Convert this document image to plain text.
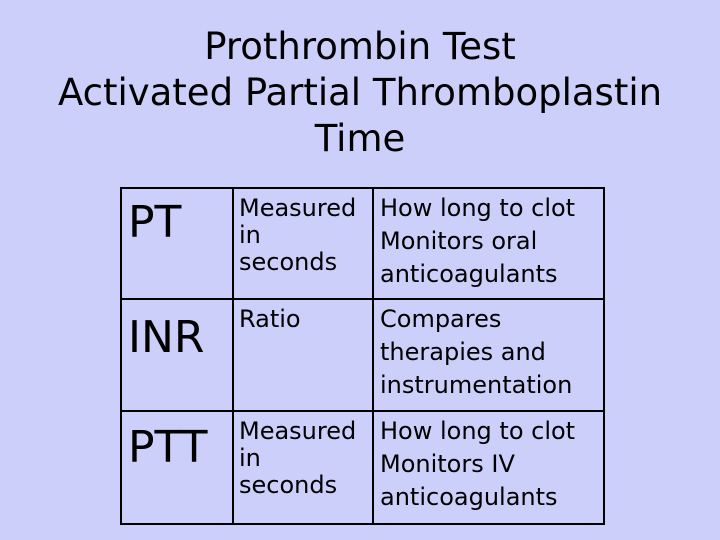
Prothrombin Test
Activated Partial Thromboplastin
Time
PT	Measured
in
seconds	How long to clot
Monitors oral
anticoagulants

INR	Ratio	Compares
therapies and
instrumentation

PTT	Measured
in
seconds	How long to clot
Monitors IV
anticoagulants
